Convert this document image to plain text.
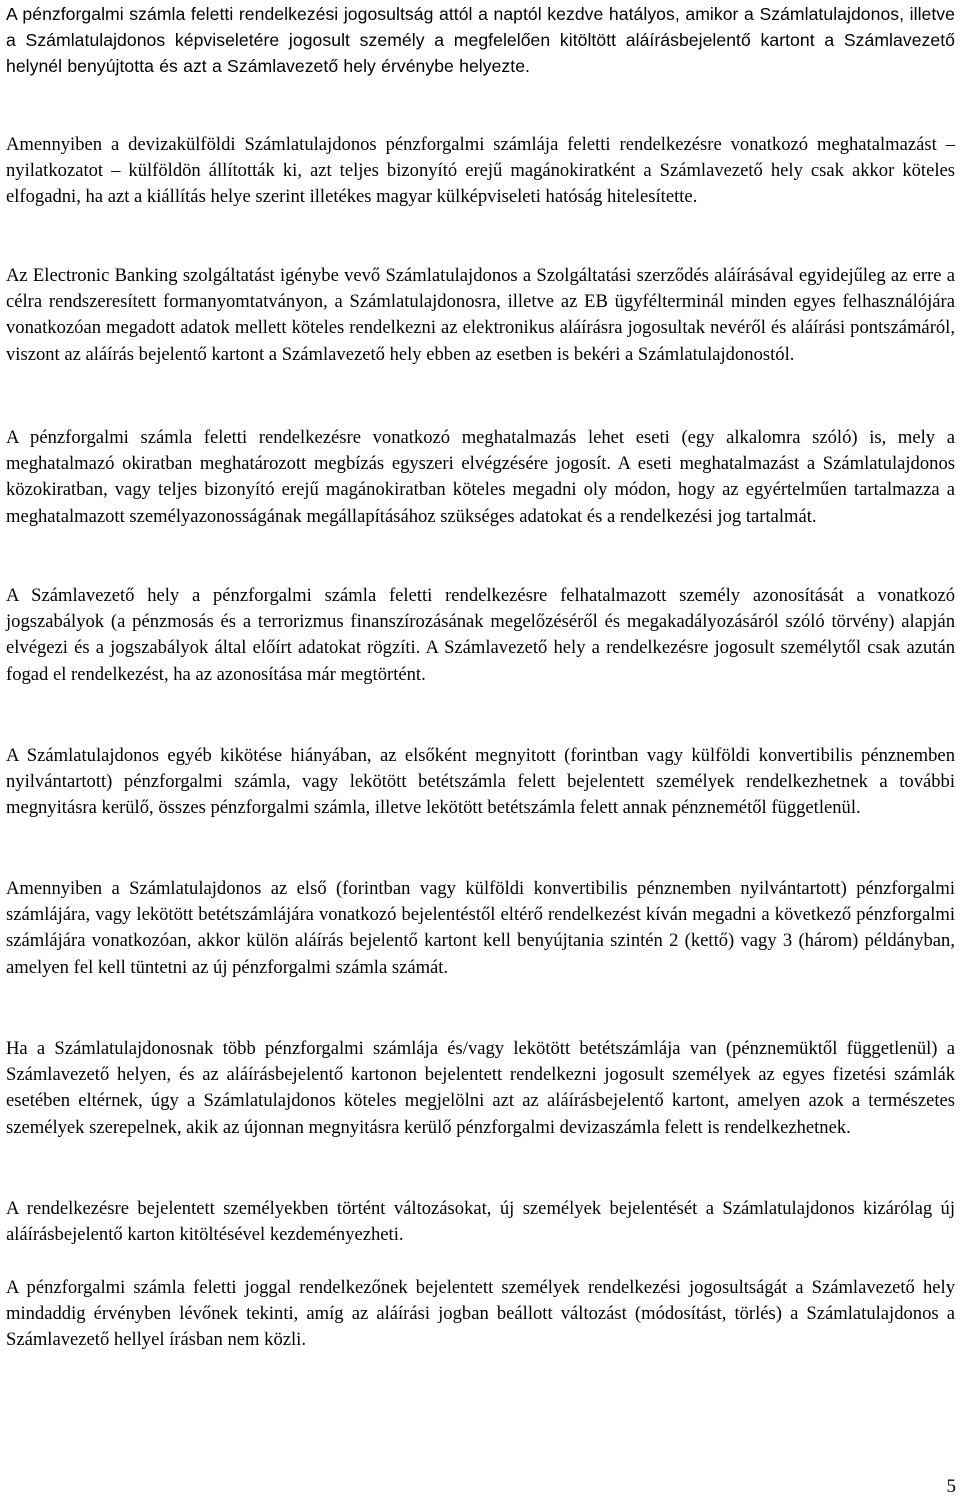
A pénzforgalmi számla feletti rendelkezési jogosultság attól a naptól kezdve hatályos, amikor a Számlatulajdonos, illetve a Számlatulajdonos képviseletére jogosult személy a megfelelően kitöltött aláírásbejelentő kartont a Számlavezető helynél benyújtotta és azt a Számlavezető hely érvénybe helyezte.

Amennyiben a devizakülföldi Számlatulajdonos pénzforgalmi számlája feletti rendelkezésre vonatkozó meghatalmazást – nyilatkozatot – külföldön állították ki, azt teljes bizonyító erejű magánokiratként a Számlavezető hely csak akkor köteles elfogadni, ha azt a kiállítás helye szerint illetékes magyar külképviseleti hatóság hitelesítette.

Az Electronic Banking szolgáltatást igénybe vevő Számlatulajdonos a Szolgáltatási szerződés aláírásával egyidejűleg az erre a célra rendszeresített formanyomtatványon, a Számlatulajdonosra, illetve az EB ügyfélterminál minden egyes felhasználójára vonatkozóan megadott adatok mellett köteles rendelkezni az elektronikus aláírásra jogosultak nevéről és aláírási pontszámáról, viszont az aláírás bejelentő kartont a Számlavezető hely ebben az esetben is bekéri a Számlatulajdonostól.

A pénzforgalmi számla feletti rendelkezésre vonatkozó meghatalmazás lehet eseti (egy alkalomra szóló) is, mely a meghatalmazó okiratban meghatározott megbízás egyszeri elvégzésére jogosít. A eseti meghatalmazást a Számlatulajdonos közokiratban, vagy teljes bizonyító erejű magánokiratban köteles megadni oly módon, hogy az egyértelműen tartalmazza a meghatalmazott személyazonosságának megállapításához szükséges adatokat és a rendelkezési jog tartalmát.

A Számlavezető hely a pénzforgalmi számla feletti rendelkezésre felhatalmazott személy azonosítását a vonatkozó jogszabályok (a pénzmosás és a terrorizmus finanszírozásának megelőzéséről és megakadályozásáról szóló törvény) alapján elvégezi és a jogszabályok által előírt adatokat rögzíti. A Számlavezető hely a rendelkezésre jogosult személytől csak azután fogad el rendelkezést, ha az azonosítása már megtörtént.

A Számlatulajdonos egyéb kikötése hiányában, az elsőként megnyitott (forintban vagy külföldi konvertibilis pénznemben nyilvántartott) pénzforgalmi számla, vagy lekötött betétszámla felett bejelentett személyek rendelkezhetnek a további megnyitásra kerülő, összes pénzforgalmi számla, illetve lekötött betétszámla felett annak pénznemétől függetlenül.

Amennyiben a Számlatulajdonos az első (forintban vagy külföldi konvertibilis pénznemben nyilvántartott) pénzforgalmi számlájára, vagy lekötött betétszámlájára vonatkozó bejelentéstől eltérő rendelkezést kíván megadni a következő pénzforgalmi számlájára vonatkozóan, akkor külön aláírás bejelentő kartont kell benyújtania szintén 2 (kettő) vagy 3 (három) példányban, amelyen fel kell tüntetni az új pénzforgalmi számla számát.

Ha a Számlatulajdonosnak több pénzforgalmi számlája és/vagy lekötött betétszámlája van (pénznemüktől függetlenül) a Számlavezető helyen, és az aláírásbejelentő kartonon bejelentett rendelkezni jogosult személyek az egyes fizetési számlák esetében eltérnek, úgy a Számlatulajdonos köteles megjelölni azt az aláírásbejelentő kartont, amelyen azok a természetes személyek szerepelnek, akik az újonnan megnyitásra kerülő pénzforgalmi devizaszámla felett is rendelkezhetnek.

A rendelkezésre bejelentett személyekben történt változásokat, új személyek bejelentését a Számlatulajdonos kizárólag új aláírásbejelentő karton kitöltésével kezdeményezheti.

A pénzforgalmi számla feletti joggal rendelkezőnek bejelentett személyek rendelkezési jogosultságát a Számlavezető hely mindaddig érvényben lévőnek tekinti, amíg az aláírási jogban beállott változást (módosítást, törlés) a Számlatulajdonos a Számlavezető hellyel írásban nem közli.

5
